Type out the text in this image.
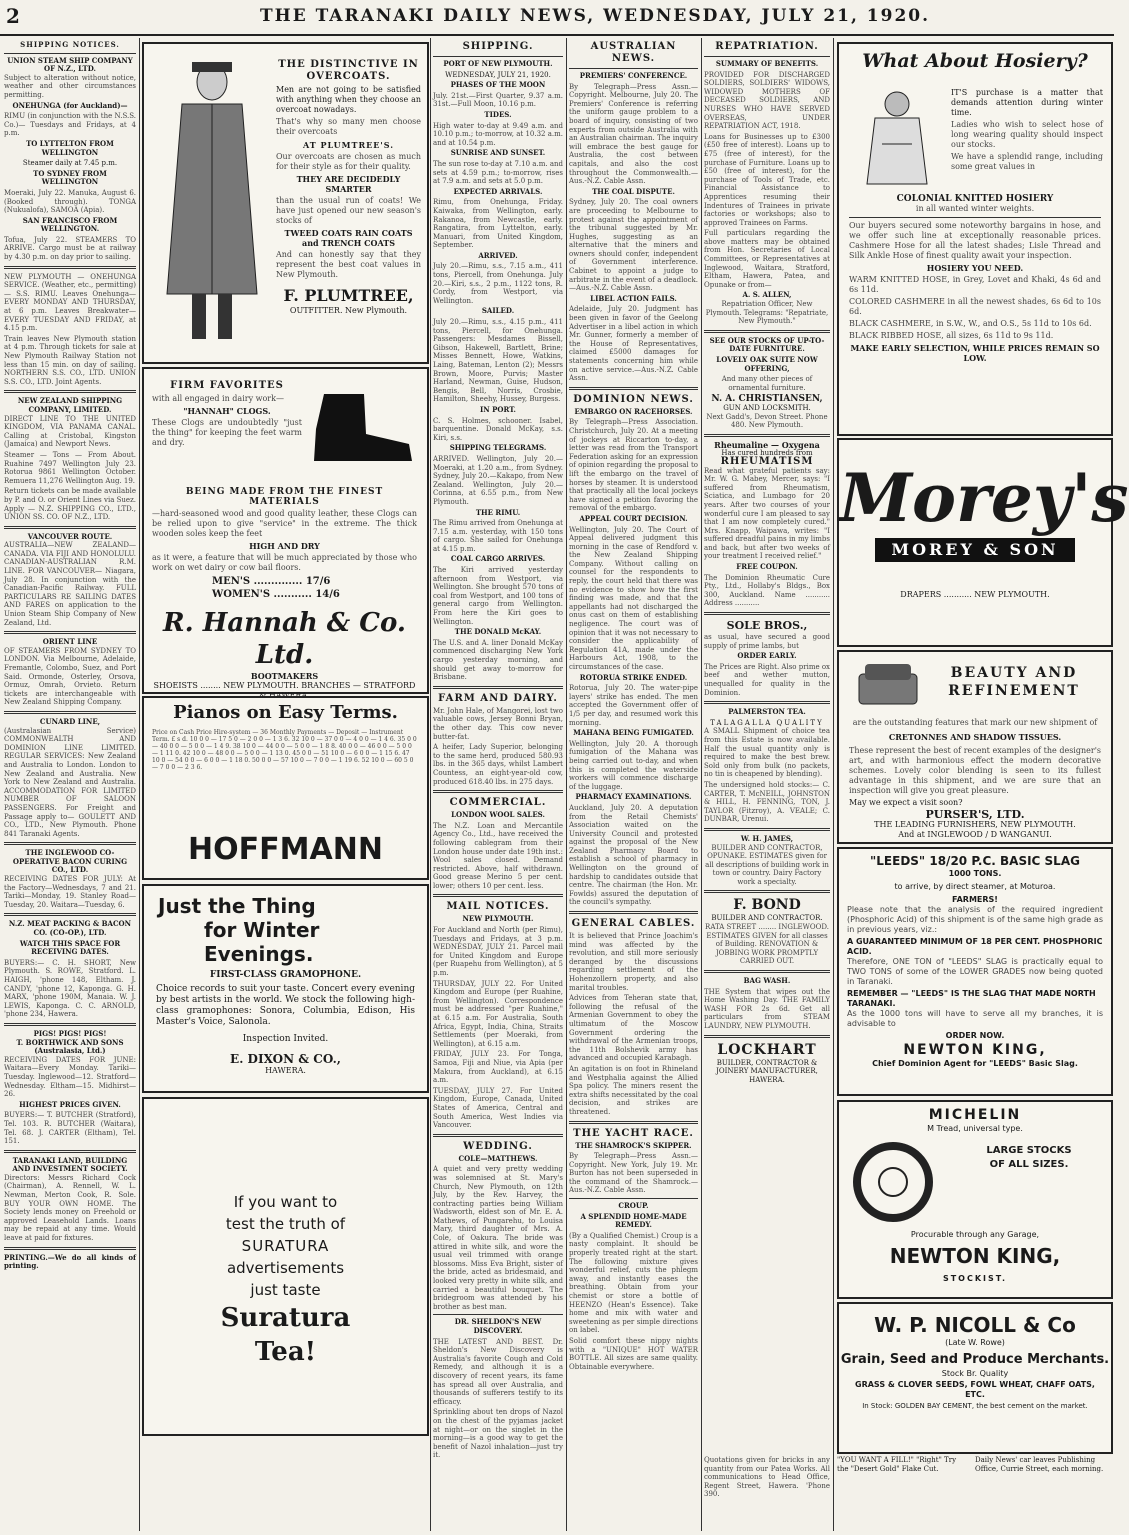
2	THE TARANAKI DAILY NEWS, WEDNESDAY, JULY 21, 1920.
SHIPPING NOTICES.
UNION STEAM SHIP COMPANY OF N.Z., LTD.
Subject to alteration without notice, weather and other circumstances permitting.
ONEHUNGA (for Auckland)—
RIMU (in conjunction with the N.S.S. Co.)— Tuesdays and Fridays, at 4 p.m.
TO LYTTELTON FROM WELLINGTON
Steamer daily at 7.45 p.m.
TO SYDNEY FROM WELLINGTON
Moeraki, July 22. Manuka, August 6. (Booked through). TONGA (Nukualofa), SAMOA (Apia).
SAN FRANCISCO FROM WELLINGTON.
Tofua, July 22. STEAMERS TO ARRIVE. Cargo must be at railway by 4.30 p.m. on day prior to sailing.
NEW PLYMOUTH — ONEHUNGA SERVICE. (Weather, etc., permitting)— S.S. RIMU. Leaves Onehunga— EVERY MONDAY AND THURSDAY, at 6 p.m. Leaves Breakwater— EVERY TUESDAY AND FRIDAY, at 4.15 p.m.
Train leaves New Plymouth station at 4 p.m. Through tickets for sale at New Plymouth Railway Station not less than 15 min. on day of sailing. NORTHERN S.S. CO., LTD. UNION S.S. CO., LTD. Joint Agents.
NEW ZEALAND SHIPPING COMPANY, LIMITED.
DIRECT LINE TO THE UNITED KINGDOM, VIA PANAMA CANAL. Calling at Cristobal, Kingston (Jamaica) and Newport News.
Steamer — Tons — From About. Ruahine 7497 Wellington July 23. Rotorua 9861 Wellington October. Remuera 11,276 Wellington Aug. 19.
Return tickets can be made available by P. and O. or Orient Lines via Suez. Apply — N.Z. SHIPPING CO., LTD., UNION SS. CO. OF N.Z., LTD.
VANCOUVER ROUTE.
AUSTRALIA—NEW ZEALAND—CANADA. VIA FIJI AND HONOLULU. CANADIAN-AUSTRALIAN R.M. LINE. FOR VANCOUVER— Niagara, July 28. In conjunction with the Canadian-Pacific Railway. FULL PARTICULARS RE SAILING DATES AND FARES on application to the Union Steam Ship Company of New Zealand, Ltd.
ORIENT LINE
OF STEAMERS FROM SYDNEY TO LONDON. Via Melbourne, Adelaide, Fremantle, Colombo, Suez, and Port Said. Ormonde, Osterley, Orsova, Ormuz, Omrah, Orvieto. Return tickets are interchangeable with New Zealand Shipping Company.
CUNARD LINE,
(Australasian Service) COMMONWEALTH AND DOMINION LINE LIMITED. REGULAR SERVICES: New Zealand and Australia to London. London to New Zealand and Australia. New York to New Zealand and Australia. ACCOMMODATION FOR LIMITED NUMBER OF SALOON PASSENGERS. For Freight and Passage apply to— GOULETT AND CO., LTD., New Plymouth. Phone 841 Taranaki Agents.
THE INGLEWOOD CO-OPERATIVE BACON CURING CO., LTD.
RECEIVING DATES FOR JULY: At the Factory—Wednesdays, 7 and 21. Tariki—Monday, 19. Stanley Road—Tuesday, 20. Waitara—Tuesday, 6.
N.Z. MEAT PACKING & BACON CO. (CO-OP.), LTD.
WATCH THIS SPACE FOR RECEIVING DATES.
BUYERS:— C. H. SHORT, New Plymouth. S. ROWE, Stratford. L. HAIGH, 'phone 148, Eltham. J. CANDY, 'phone 12, Kaponga. G. H. MARX, 'phone 190M, Manaia. W. J. LEWIS, Kaponga. C. C. ARNOLD, 'phone 234, Hawera.
PIGS! PIGS! PIGS!
T. BORTHWICK AND SONS (Australasia, Ltd.)
RECEIVING DATES FOR JUNE: Waitara—Every Monday. Tariki—Tuesday. Inglewood—12. Stratford—Wednesday. Eltham—15. Midhirst—26.
HIGHEST PRICES GIVEN.
BUYERS:— T. BUTCHER (Stratford), Tel. 103. R. BUTCHER (Waitara), Tel. 68. J. CARTER (Eltham), Tel. 151.
TARANAKI LAND, BUILDING AND INVESTMENT SOCIETY.
Directors: Messrs Richard Cock (Chairman), A. Rennell, W. L. Newman, Merton Cook, R. Sole. BUY YOUR OWN HOME. The Society lends money on Freehold or approved Leasehold Lands. Loans may be repaid at any time. Would leave at paid for fixtures.
PRINTING.—We do all kinds of printing.
THE DISTINCTIVE IN OVERCOATS.
Men are not going to be satisfied with anything when they choose an overcoat nowadays.
That's why so many men choose their overcoats
AT PLUMTREE'S.
Our overcoats are chosen as much for their style as for their quality.
THEY ARE DECIDEDLY SMARTER
than the usual run of coats! We have just opened our new season's stocks of
TWEED COATS RAIN COATS and TRENCH COATS
And can honestly say that they represent the best coat values in New Plymouth.
F. PLUMTREE,
OUTFITTER. New Plymouth.
FIRM FAVORITES
with all engaged in dairy work—
"HANNAH" CLOGS.
These Clogs are undoubtedly "just the thing" for keeping the feet warm and dry.
BEING MADE FROM THE FINEST MATERIALS
—hard-seasoned wood and good quality leather, these Clogs can be relied upon to give "service" in the extreme. The thick wooden soles keep the feet
HIGH AND DRY
as it were, a feature that will be much appreciated by those who work on wet dairy or cow bail floors.
MEN'S .............. 17/6
WOMEN'S ........... 14/6
R. Hannah & Co. Ltd.
BOOTMAKERS
SHOEISTS ........ NEW PLYMOUTH. BRANCHES — STRATFORD
Pianos on Easy Terms.
Price on Cash Price Hire-system — 36 Monthly Payments — Deposit — Instrument Term. £ s d. 10 0 0 — 17 5 0 — 2 0 0 — 1 3 6. 32 10 0 — 37 0 0 — 4 0 0 — 1 4 6. 35 0 0 — 40 0 0 — 5 0 0 — 1 4 9. 38 10 0 — 44 0 0 — 5 0 0 — 1 8 8. 40 0 0 — 46 0 0 — 5 0 0 — 1 11 0. 42 10 0 — 48 0 0 — 5 0 0 — 1 13 0. 45 0 0 — 51 10 0 — 6 0 0 — 1 15 6. 47 10 0 — 54 0 0 — 6 0 0 — 1 18 0. 50 0 0 — 57 10 0 — 7 0 0 — 1 19 6. 52 10 0 — 60 5 0 — 7 0 0 — 2 3 6.
HOFFMANN
Just the Thing
for Winter Evenings.
FIRST-CLASS GRAMOPHONE.
Choice records to suit your taste. Concert every evening by best artists in the world. We stock the following high-class gramophones: Sonora, Columbia, Edison, His Master's Voice, Salonola.
Inspection Invited.
E. DIXON & CO.,
HAWERA.
If you want to
test the truth of
SURATURA
advertisements
just taste
Suratura
Tea!
SHIPPING.
PORT OF NEW PLYMOUTH.
WEDNESDAY, JULY 21, 1920.
PHASES OF THE MOON
July. 21st.—First Quarter, 9.37 a.m. 31st.—Full Moon, 10.16 p.m.
TIDES.
High water to-day at 9.49 a.m. and 10.10 p.m.; to-morrow, at 10.32 a.m. and at 10.54 p.m.
SUNRISE AND SUNSET.
The sun rose to-day at 7.10 a.m. and sets at 4.59 p.m.; to-morrow, rises at 7.9 a.m. and sets at 5.0 p.m.
EXPECTED ARRIVALS.
Rimu, from Onehunga, Friday. Kaiwaka, from Wellington, early. Rakanoa, from Newcastle, early. Rangatira, from Lyttelton, early. Manuari, from United Kingdom, September.
ARRIVED.
July 20.—Rimu, s.s., 7.15 a.m., 411 tons, Piercell, from Onehunga. July 20.—Kiri, s.s., 2 p.m., 1122 tons, R. Cordy, from Westport, via Wellington.
SAILED.
July 20.—Rimu, s.s., 4.15 p.m., 411 tons, Piercell, for Onehunga. Passengers: Mesdames Bissell, Gibson, Hakewell, Bartlett, Brine; Misses Bennett, Howe, Watkins, Laing, Bateman, Lenton (2); Messrs Brown, Moore, Purvis; Master Harland, Newman, Guise, Hudson, Bengis, Bell, Norris, Crosbie, Hamilton, Sheehy, Hussey, Burgess.
IN PORT.
C. S. Holmes, schooner. Isabel, barquentine. Donald McKay, s.s. Kiri, s.s.
SHIPPING TELEGRAMS.
ARRIVED. Wellington, July 20.—Moeraki, at 1.20 a.m., from Sydney. Sydney, July 20.—Kakapo, from New Zealand. Wellington, July 20.—Corinna, at 6.55 p.m., from New Plymouth.
THE RIMU.
The Rimu arrived from Onehunga at 7.15 a.m. yesterday, with 150 tons of cargo. She sailed for Onehunga at 4.15 p.m.
COAL CARGO ARRIVES.
The Kiri arrived yesterday afternoon from Westport, via Wellington. She brought 570 tons of coal from Westport, and 100 tons of general cargo from Wellington. From here the Kiri goes to Wellington.
THE DONALD McKAY.
The U.S. and A. liner Donald McKay commenced discharging New York cargo yesterday morning, and should get away to-morrow for Brisbane.
FARM AND DAIRY.
Mr. John Hale, of Mangorei, lost two valuable cows, Jersey Bonni Bryan, the other day. This cow never butter-fat.
A heifer, Lady Superior, belonging to the same herd, produced 580.93 lbs. in the 365 days, whilst Lambert Countess, an eight-year-old cow, produced 618.40 lbs. in 275 days.
COMMERCIAL.
LONDON WOOL SALES.
The N.Z. Loan and Mercantile Agency Co., Ltd., have received the following cablegram from their London house under date 19th inst.: Wool sales closed. Demand restricted. Above, half withdrawn. Good grease Merino 5 per cent. lower; others 10 per cent. less.
MAIL NOTICES.
NEW PLYMOUTH.
For Auckland and North (per Rimu), Tuesdays and Fridays, at 3 p.m. WEDNESDAY, JULY 21. Parcel mail for United Kingdom and Europe (per Ruapehu from Wellington), at 5 p.m.
THURSDAY, JULY 22. For United Kingdom and Europe (per Ruahine, from Wellington). Correspondence must be addressed "per Ruahine," at 6.15 a.m. For Australia, South Africa, Egypt, India, China, Straits Settlements (per Moeraki, from Wellington), at 6.15 a.m.
FRIDAY, JULY 23. For Tonga, Samoa, Fiji and Niue, via Apia (per Makura, from Auckland), at 6.15 a.m.
TUESDAY, JULY 27. For United Kingdom, Europe, Canada, United States of America, Central and South America, West Indies via Vancouver.
WEDDING.
COLE—MATTHEWS.
A quiet and very pretty wedding was solemnised at St. Mary's Church, New Plymouth, on 12th July, by the Rev. Harvey, the contracting parties being William Wadsworth, eldest son of Mr. E. A. Mathews, of Pungarehu, to Louisa Mary, third daughter of Mrs. A. Cole, of Oakura. The bride was attired in white silk, and wore the usual veil trimmed with orange blossoms. Miss Eva Bright, sister of the bride, acted as bridesmaid, and looked very pretty in white silk, and carried a beautiful bouquet. The bridegroom was attended by his brother as best man.
DR. SHELDON'S NEW DISCOVERY.
THE LATEST AND BEST. Dr. Sheldon's New Discovery is Australia's favorite Cough and Cold Remedy, and although it is a discovery of recent years, its fame has spread all over Australia, and thousands of sufferers testify to its efficacy.
Sprinkling about ten drops of Nazol on the chest of the pyjamas jacket at night—or on the singlet in the morning—is a good way to get the benefit of Nazol inhalation—just try it.
AUSTRALIAN NEWS.
PREMIERS' CONFERENCE.
By Telegraph—Press Assn.—Copyright. Melbourne, July 20. The Premiers' Conference is referring the uniform gauge problem to a board of inquiry, consisting of two experts from outside Australia with an Australian chairman. The inquiry will embrace the best gauge for Australia, the cost between capitals, and also the cost throughout the Commonwealth.—Aus.-N.Z. Cable Assn.
THE COAL DISPUTE.
Sydney, July 20. The coal owners are proceeding to Melbourne to protest against the appointment of the tribunal suggested by Mr. Hughes, suggesting as an alternative that the miners and owners should confer, independent of Government interference. Cabinet to appoint a judge to arbitrate in the event of a deadlock.—Aus.-N.Z. Cable Assn.
LIBEL ACTION FAILS.
Adelaide, July 20. Judgment has been given in favor of the Geelong Advertiser in a libel action in which Mr. Gunner, formerly a member of the House of Representatives, claimed £5000 damages for statements concerning him while on active service.—Aus.-N.Z. Cable Assn.
DOMINION NEWS.
EMBARGO ON RACEHORSES.
By Telegraph—Press Association. Christchurch, July 20. At a meeting of jockeys at Riccarton to-day, a letter was read from the Transport Federation asking for an expression of opinion regarding the proposal to lift the embargo on the travel of horses by steamer. It is understood that practically all the local jockeys have signed a petition favoring the removal of the embargo.
APPEAL COURT DECISION.
Wellington, July 20. The Court of Appeal delivered judgment this morning in the case of Rendford v. the New Zealand Shipping Company. Without calling on counsel for the respondents to reply, the court held that there was no evidence to show how the first finding was made, and that the appellants had not discharged the onus cast on them of establishing negligence. The court was of opinion that it was not necessary to consider the applicability of Regulation 41A, made under the Harbours Act, 1908, to the circumstances of the case.
ROTORUA STRIKE ENDED.
Rotorua, July 20. The water-pipe layers' strike has ended. The men accepted the Government offer of 1/5 per day, and resumed work this morning.
MAHANA BEING FUMIGATED.
Wellington, July 20. A thorough fumigation of the Mahana was being carried out to-day, and when this is completed the waterside workers will commence discharge of the luggage.
PHARMACY EXAMINATIONS.
Auckland, July 20. A deputation from the Retail Chemists' Association waited on the University Council and protested against the proposal of the New Zealand Pharmacy Board to establish a school of pharmacy in Wellington on the ground of hardship to candidates outside that centre. The chairman (the Hon. Mr. Fowlds) assured the deputation of the council's sympathy.
GENERAL CABLES.
It is believed that Prince Joachim's mind was affected by the revolution, and still more seriously deranged by the discussions regarding settlement of the Hohenzollern property, and also marital troubles.
Advices from Teheran state that, following the refusal of the Armenian Government to obey the ultimatum of the Moscow Government ordering the withdrawal of the Armenian troops, the 11th Bolshevik army has advanced and occupied Karabagh.
An agitation is on foot in Rhineland and Westphalia against the Allied Spa policy. The miners resent the extra shifts necessitated by the coal decision, and strikes are threatened.
THE YACHT RACE.
THE SHAMROCK'S SKIPPER.
By Telegraph—Press Assn.—Copyright. New York, July 19. Mr. Burton has not been superseded in the command of the Shamrock.—Aus.-N.Z. Cable Assn.
CROUP.
A SPLENDID HOME-MADE REMEDY.
(By a Qualified Chemist.) Croup is a nasty complaint. It should be properly treated right at the start. The following mixture gives wonderful relief, cuts the phlegm away, and instantly eases the breathing. Obtain from your chemist or store a bottle of HEENZO (Hean's Essence). Take home and mix with water and sweetening as per simple directions on label.
Solid comfort these nippy nights with a "UNIQUE" HOT WATER BOTTLE. All sizes are same quality. Obtainable everywhere.
REPATRIATION.
SUMMARY OF BENEFITS.
PROVIDED FOR DISCHARGED SOLDIERS, SOLDIERS' WIDOWS, WIDOWED MOTHERS OF DECEASED SOLDIERS, AND NURSES WHO HAVE SERVED OVERSEAS, UNDER REPATRIATION ACT, 1918.
Loans for Businesses up to £300 (£50 free of interest). Loans up to £75 (free of interest), for the purchase of Furniture. Loans up to £50 (free of interest), for the purchase of Tools of Trade, etc. Financial Assistance to Apprentices resuming their Indentures of Trainees in private factories or workshops; also to approved Trainees on Farms.
Full particulars regarding the above matters may be obtained from Hon. Secretaries of Local Committees, or Representatives at Inglewood, Waitara, Stratford, Eltham, Hawera, Patea, and Opunake or from—
A. S. ALLEN,
Repatriation Officer, New Plymouth. Telegrams: "Repatriate, New Plymouth."
SEE OUR STOCKS OF UP-TO-DATE FURNITURE.
LOVELY OAK SUITE NOW OFFERING,
And many other pieces of ornamental furniture.
N. A. CHRISTIANSEN,
GUN AND LOCKSMITH.
Next Gadd's, Devon Street. Phone 480. New Plymouth.
Rheumaline — Oxygena
Has cured hundreds from
RHEUMATISM
Read what grateful patients say: Mr. W. G. Mabey, Mercer, says: "I suffered from Rheumatism, Sciatica, and Lumbago for 20 years. After two courses of your wonderful cure I am pleased to say that I am now completely cured." Mrs. Knapp, Waipawa, writes: "I suffered dreadful pains in my limbs and back, but after two weeks of your treatment I received relief."
FREE COUPON.
The Dominion Rheumatic Cure Pty., Ltd., Hollaby's Bldgs., Box 300, Auckland. Name ........... Address ...........
SOLE BROS.,
as usual, have secured a good supply of prime lambs, but
ORDER EARLY.
The Prices are Right. Also prime ox beef and wether mutton, unequalled for quality in the Dominion.
PALMERSTON TEA.
TALAGALLA QUALITY
A SMALL Shipment of choice tea from this Estate is now available. Half the usual quantity only is required to make the best brew. Sold only from bulk (no packets, no tin is cheapened by blending).
The undersigned hold stocks:— C. CARTER, T. McNEILL, JOHNSTON & HILL, H. FENNING, TON, J. TAYLOR (Fitzroy), A. VEALE; C. DUNBAR, Urenui.
W. H. JAMES,
BUILDER AND CONTRACTOR, OPUNAKE. ESTIMATES given for all descriptions of building work in town or country. Dairy Factory work a specialty.
F. BOND
BUILDER AND CONTRACTOR.
RATA STREET ........ INGLEWOOD. ESTIMATES GIVEN for all classes of Building. RENOVATION & JOBBING WORK PROMPTLY CARRIED OUT.
BAG WASH.
THE System that wipes out the Home Washing Day. THE FAMILY WASH FOR 2s 6d. Get all particulars from STEAM LAUNDRY, NEW PLYMOUTH.
LOCKHART
BUILDER, CONTRACTOR & JOINERY MANUFACTURER, HAWERA.
What About Hosiery?
IT'S purchase is a matter that demands attention during winter time.
Ladies who wish to select hose of long wearing quality should inspect our stocks.
We have a splendid range, including some great values in
COLONIAL KNITTED HOSIERY
in all wanted winter weights.
Our buyers secured some noteworthy bargains in hose, and we offer such line at exceptionally reasonable prices. Cashmere Hose for all the latest shades; Lisle Thread and Silk Ankle Hose of finest quality await your inspection.
HOSIERY YOU NEED.
WARM KNITTED HOSE, in Grey, Lovet and Khaki, 4s 6d and 6s 11d.
COLORED CASHMERE in all the newest shades, 6s 6d to 10s 6d.
BLACK CASHMERE, in S.W., W., and O.S., 5s 11d to 10s 6d.
BLACK RIBBED HOSE, all sizes, 6s 11d to 9s 11d.
MAKE EARLY SELECTION, WHILE PRICES REMAIN SO LOW.
Morey's
MOREY & SON
DRAPERS ........... NEW PLYMOUTH.
BEAUTY AND
REFINEMENT
are the outstanding features that mark our new shipment of
CRETONNES AND SHADOW TISSUES.
These represent the best of recent examples of the designer's art, and with harmonious effect the modern decorative schemes. Lovely color blending is seen to its fullest advantage in this shipment, and we are sure that an inspection will give you great pleasure.
May we expect a visit soon?
PURSER'S, LTD.
THE LEADING FURNISHERS, NEW PLYMOUTH.
And at INGLEWOOD / D WANGANUI.
"LEEDS" 18/20 P.C. BASIC SLAG
1000 TONS.
to arrive, by direct steamer, at Moturoa.
FARMERS!
Please note that the analysis of the required ingredient (Phosphoric Acid) of this shipment is of the same high grade as in previous years, viz.:
A GUARANTEED MINIMUM OF 18 PER CENT. PHOSPHORIC ACID.
Therefore, ONE TON of "LEEDS" SLAG is practically equal to TWO TONS of some of the LOWER GRADES now being quoted in Taranaki.
REMEMBER — "LEEDS" IS THE SLAG THAT MADE NORTH TARANAKI.
As the 1000 tons will have to serve all my branches, it is advisable to
ORDER NOW.
NEWTON KING,
Chief Dominion Agent for "LEEDS" Basic Slag.
MICHELIN
M Tread, universal type.
LARGE STOCKS OF ALL SIZES.
Procurable through any Garage,
NEWTON KING,
STOCKIST.
W. P. NICOLL & Co
(Late W. Rowe)
Grain, Seed and Produce Merchants.
Stock Br. Quality
GRASS & CLOVER SEEDS, FOWL WHEAT, CHAFF OATS, ETC.
In Stock: GOLDEN BAY CEMENT, the best cement on the market.
Quotations given for bricks in any quantity from our Patea Works. All communications to Head Office, Regent Street, Hawera. 'Phone 390.
"YOU WANT A FILL!" "Right" Try the "Desert Gold" Flake Cut.
Daily News' car leaves Publishing Office, Currie Street, each morning.
